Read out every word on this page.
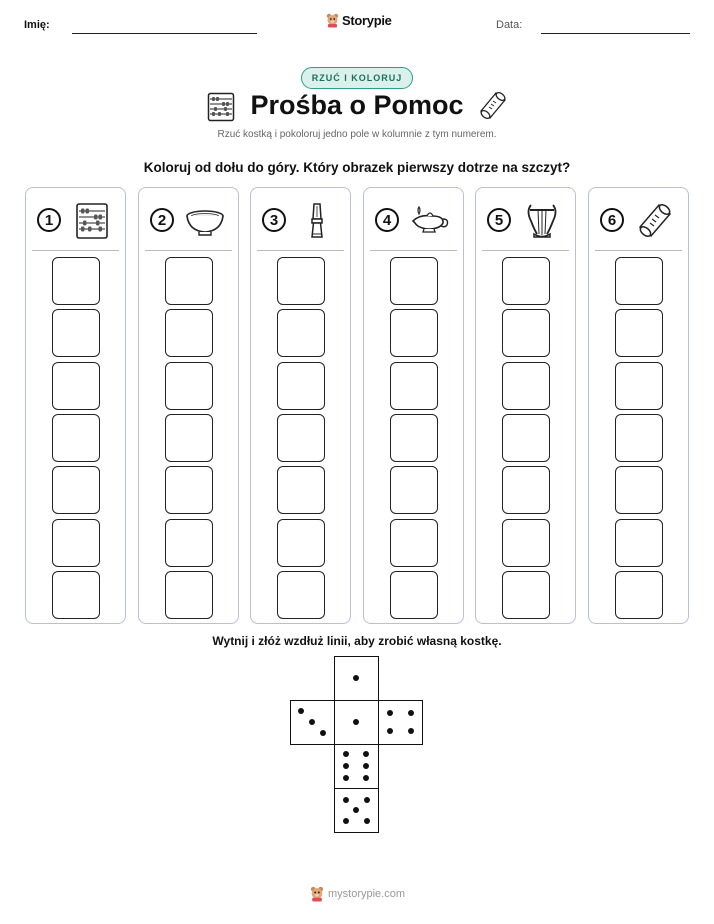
Imię:	Storypie	Data:
RZUĆ I KOLORUJ
Prośba o Pomoc
Rzuć kostką i pokoloruj jedno pole w kolumnie z tym numerem.
Koloruj od dołu do góry. Który obrazek pierwszy dotrze na szczyt?
1	2	3	4	5	6
Wytnij i złóż wzdłuż linii, aby zrobić własną kostkę.
mystorypie.com
